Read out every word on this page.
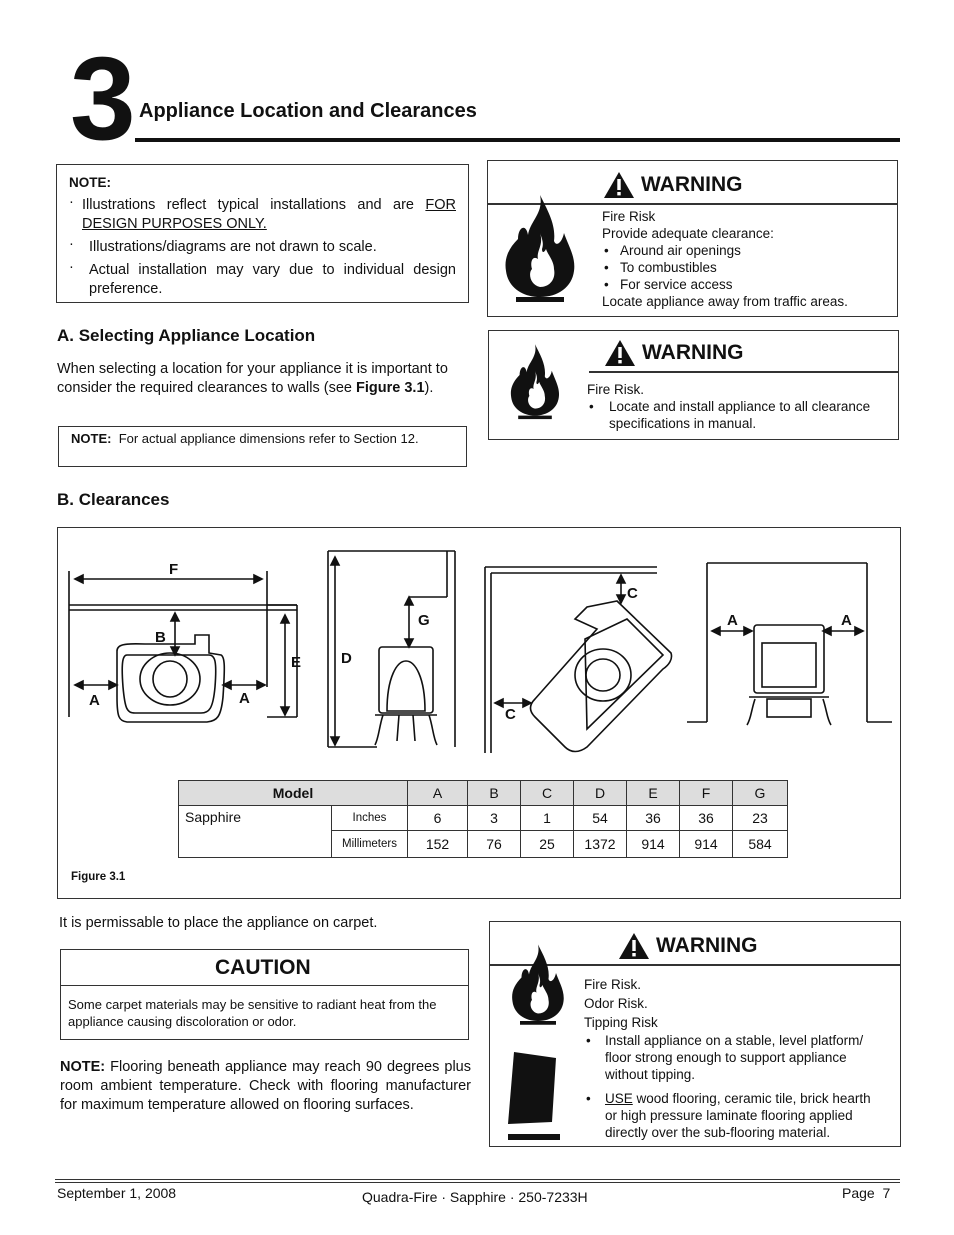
3 Appliance Location and Clearances
NOTE:
· Illustrations reflect typical installations and are FOR DESIGN PURPOSES ONLY.
· Illustrations/diagrams are not drawn to scale.
· Actual installation may vary due to individual design preference.
A. Selecting Appliance Location
When selecting a location for your appliance it is important to consider the required clearances to walls (see Figure 3.1).
NOTE: For actual appliance dimensions refer to Section 12.
WARNING
Fire Risk
Provide adequate clearance:
• Around air openings
• To combustibles
• For service access
Locate appliance away from traffic areas.
WARNING
Fire Risk.
• Locate and install appliance to all clearance specifications in manual.
B. Clearances
F
B
A	A
E	D
G
C
C
A	A
Model		A	B	C	D	E	F	G
Sapphire	Inches	6	3	1	54	36	36	23
	Millimeters	152	76	25	1372	914	914	584
Figure 3.1
It is permissable to place the appliance on carpet.
CAUTION
Some carpet materials may be sensitive to radiant heat from the appliance causing discoloration or odor.
NOTE: Flooring beneath appliance may reach 90 degrees plus room ambient temperature. Check with flooring manufacturer for maximum temperature allowed on flooring surfaces.
WARNING
Fire Risk.
Odor Risk.
Tipping Risk
• Install appliance on a stable, level platform/ floor strong enough to support appliance without tipping.
• USE wood flooring, ceramic tile, brick hearth or high pressure laminate flooring applied directly over the sub-flooring material.
September 1, 2008	Quadra-Fire · Sapphire · 250-7233H	Page 7
